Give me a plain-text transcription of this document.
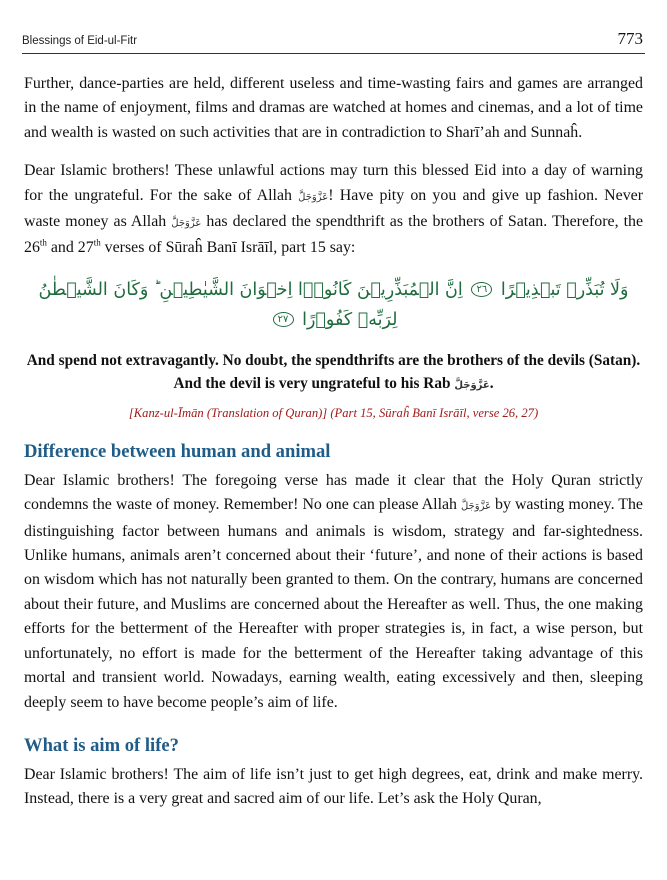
Blessings of Eid-ul-Fitr	773

Further, dance-parties are held, different useless and time-wasting fairs and games are arranged in the name of enjoyment, films and dramas are watched at homes and cinemas, and a lot of time and wealth is wasted on such activities that are in contradiction to Sharī’ah and Sunnaĥ.

Dear Islamic brothers! These unlawful actions may turn this blessed Eid into a day of warning for the ungrateful. For the sake of Allah عَزَّوَجَلَّ! Have pity on you and give up fashion. Never waste money as Allah عَزَّوَجَلَّ has declared the spendthrift as the brothers of Satan. Therefore, the 26th and 27th verses of Sūraĥ Banī Isrāīl, part 15 say:

وَلَا تُبَذِّرۡ تَبۡذِيۡرًا ٢٦ اِنَّ الۡمُبَذِّرِيۡنَ كَانُوۡۤا اِخۡوَانَ الشَّيٰطِيۡنِ ؕ وَكَانَ الشَّيۡطٰنُ لِرَبِّهٖ كَفُوۡرًا ٢٧
And spend not extravagantly. No doubt, the spendthrifts are the brothers of the devils (Satan).
And the devil is very ungrateful to his Rab عَزَّوَجَلَّ.
[Kanz-ul-Īmān (Translation of Quran)] (Part 15, Sūraĥ Banī Isrāīl, verse 26, 27)
Difference between human and animal

Dear Islamic brothers! The foregoing verse has made it clear that the Holy Quran strictly condemns the waste of money. Remember! No one can please Allah عَزَّوَجَلَّ by wasting money. The distinguishing factor between humans and animals is wisdom, strategy and far-sightedness. Unlike humans, animals aren’t concerned about their ‘future’, and none of their actions is based on wisdom which has not naturally been granted to them. On the contrary, humans are concerned about their future, and Muslims are concerned about the Hereafter as well. Thus, the one making efforts for the betterment of the Hereafter with proper strategies is, in fact, a wise person, but unfortunately, no effort is made for the betterment of the Hereafter taking advantage of this mortal and transient world. Nowadays, earning wealth, eating excessively and then, sleeping deeply seem to have become people’s aim of life.

What is aim of life?

Dear Islamic brothers! The aim of life isn’t just to get high degrees, eat, drink and make merry. Instead, there is a very great and sacred aim of our life. Let’s ask the Holy Quran,
